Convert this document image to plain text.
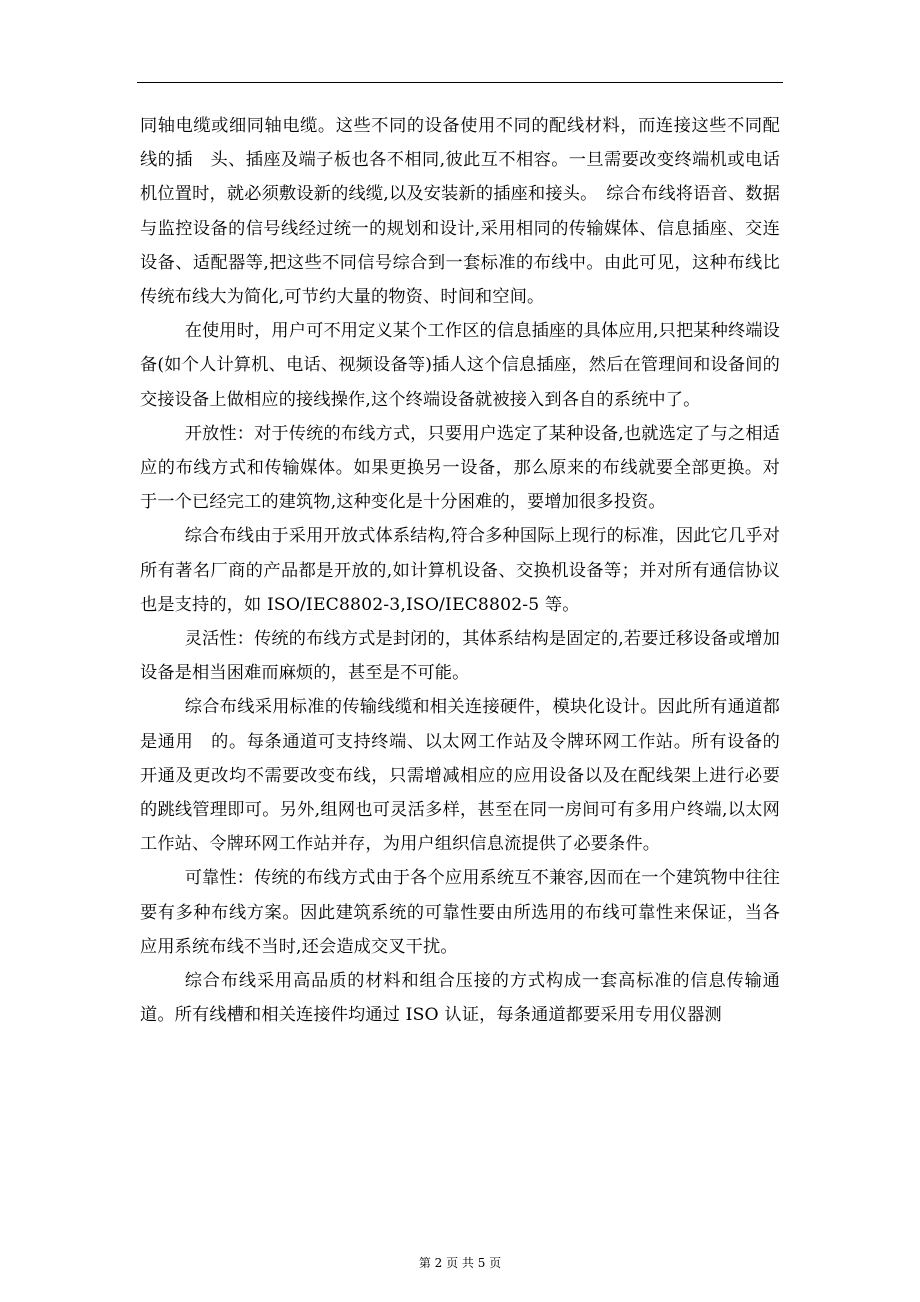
同轴电缆或细同轴电缆。这些不同的设备使用不同的配线材料，而连接这些不同配线的插　头、插座及端子板也各不相同,彼此互不相容。一旦需要改变终端机或电话机位置时，就必须敷设新的线缆,以及安装新的插座和接头。　综合布线将语音、数据与监控设备的信号线经过统一的规划和设计,采用相同的传输媒体、信息插座、交连设备、适配器等,把这些不同信号综合到一套标准的布线中。由此可见，这种布线比传统布线大为简化,可节约大量的物资、时间和空间。

在使用时，用户可不用定义某个工作区的信息插座的具体应用,只把某种终端设备(如个人计算机、电话、视频设备等)插人这个信息插座，然后在管理间和设备间的交接设备上做相应的接线操作,这个终端设备就被接入到各自的系统中了。

开放性：对于传统的布线方式，只要用户选定了某种设备,也就选定了与之相适应的布线方式和传输媒体。如果更换另一设备，那么原来的布线就要全部更换。对于一个已经完工的建筑物,这种变化是十分困难的，要增加很多投资。

综合布线由于采用开放式体系结构,符合多种国际上现行的标准，因此它几乎对所有著名厂商的产品都是开放的,如计算机设备、交换机设备等；并对所有通信协议也是支持的，如 ISO/IEC8802-3,ISO/IEC8802-5 等。

灵活性：传统的布线方式是封闭的，其体系结构是固定的,若要迁移设备或增加设备是相当困难而麻烦的，甚至是不可能。

综合布线采用标准的传输线缆和相关连接硬件，模块化设计。因此所有通道都是通用　的。每条通道可支持终端、以太网工作站及令牌环网工作站。所有设备的开通及更改均不需要改变布线，只需增减相应的应用设备以及在配线架上进行必要的跳线管理即可。另外,组网也可灵活多样，甚至在同一房间可有多用户终端,以太网工作站、令牌环网工作站并存，为用户组织信息流提供了必要条件。

可靠性：传统的布线方式由于各个应用系统互不兼容,因而在一个建筑物中往往要有多种布线方案。因此建筑系统的可靠性要由所选用的布线可靠性来保证，当各应用系统布线不当时,还会造成交叉干扰。

综合布线采用高品质的材料和组合压接的方式构成一套高标准的信息传输通道。所有线槽和相关连接件均通过 ISO 认证，每条通道都要采用专用仪器测

第 2 页 共 5 页
